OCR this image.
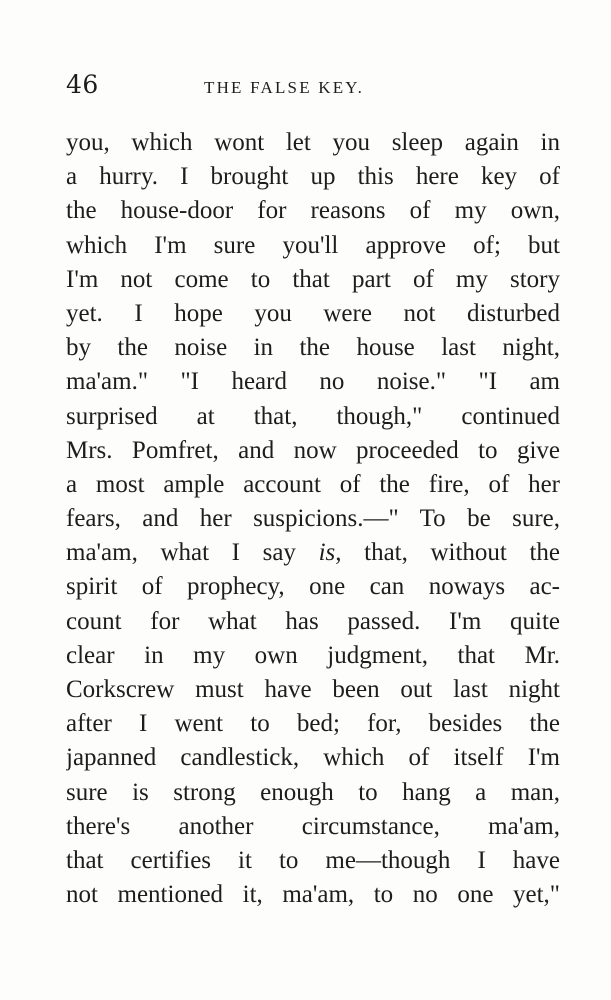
46	THE FALSE KEY.
you, which wont let you sleep again in
a hurry. I brought up this here key of
the house-door for reasons of my own,
which I'm sure you'll approve of; but
I'm not come to that part of my story
yet. I hope you were not disturbed
by the noise in the house last night,
ma'am." "I heard no noise." "I am
surprised at that, though," continued
Mrs. Pomfret, and now proceeded to give
a most ample account of the fire, of her
fears, and her suspicions.—" To be sure,
ma'am, what I say is, that, without the
spirit of prophecy, one can noways ac-
count for what has passed. I'm quite
clear in my own judgment, that Mr.
Corkscrew must have been out last night
after I went to bed; for, besides the
japanned candlestick, which of itself I'm
sure is strong enough to hang a man,
there's another circumstance, ma'am,
that certifies it to me—though I have
not mentioned it, ma'am, to no one yet,"
